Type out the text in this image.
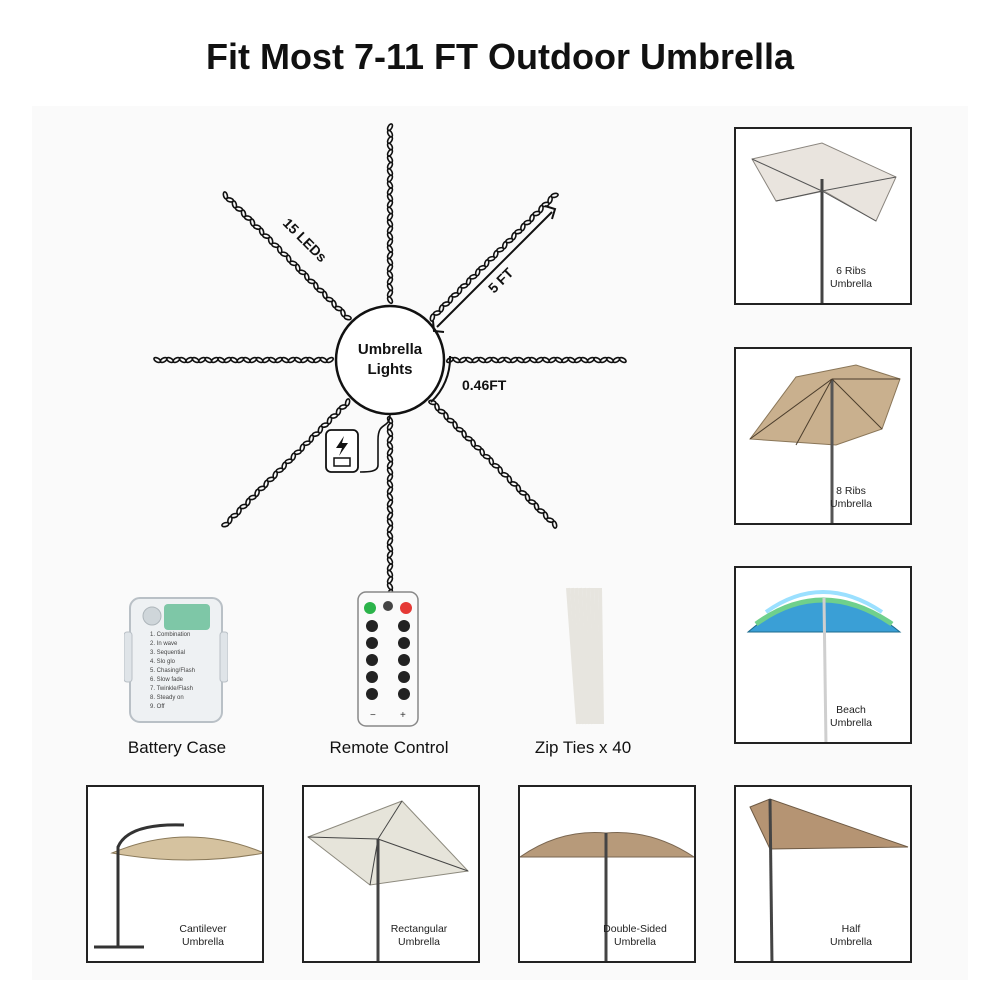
Fit Most 7-11 FT Outdoor Umbrella
Umbrella
Lights
15 LEDs
5 FT
0.46FT
1. Combination
2. In wave
3. Sequential
4. Slo glo
5. Chasing/Flash
6. Slow fade
7. Twinkle/Flash
8. Steady on
9. Off
Battery Case
− +
Remote Control	Zip Ties x 40
6 Ribs
Umbrella
8 Ribs
Umbrella
Beach
Umbrella
Cantilever
Umbrella
Rectangular
Umbrella
Double-Sided
Umbrella
Half
Umbrella
